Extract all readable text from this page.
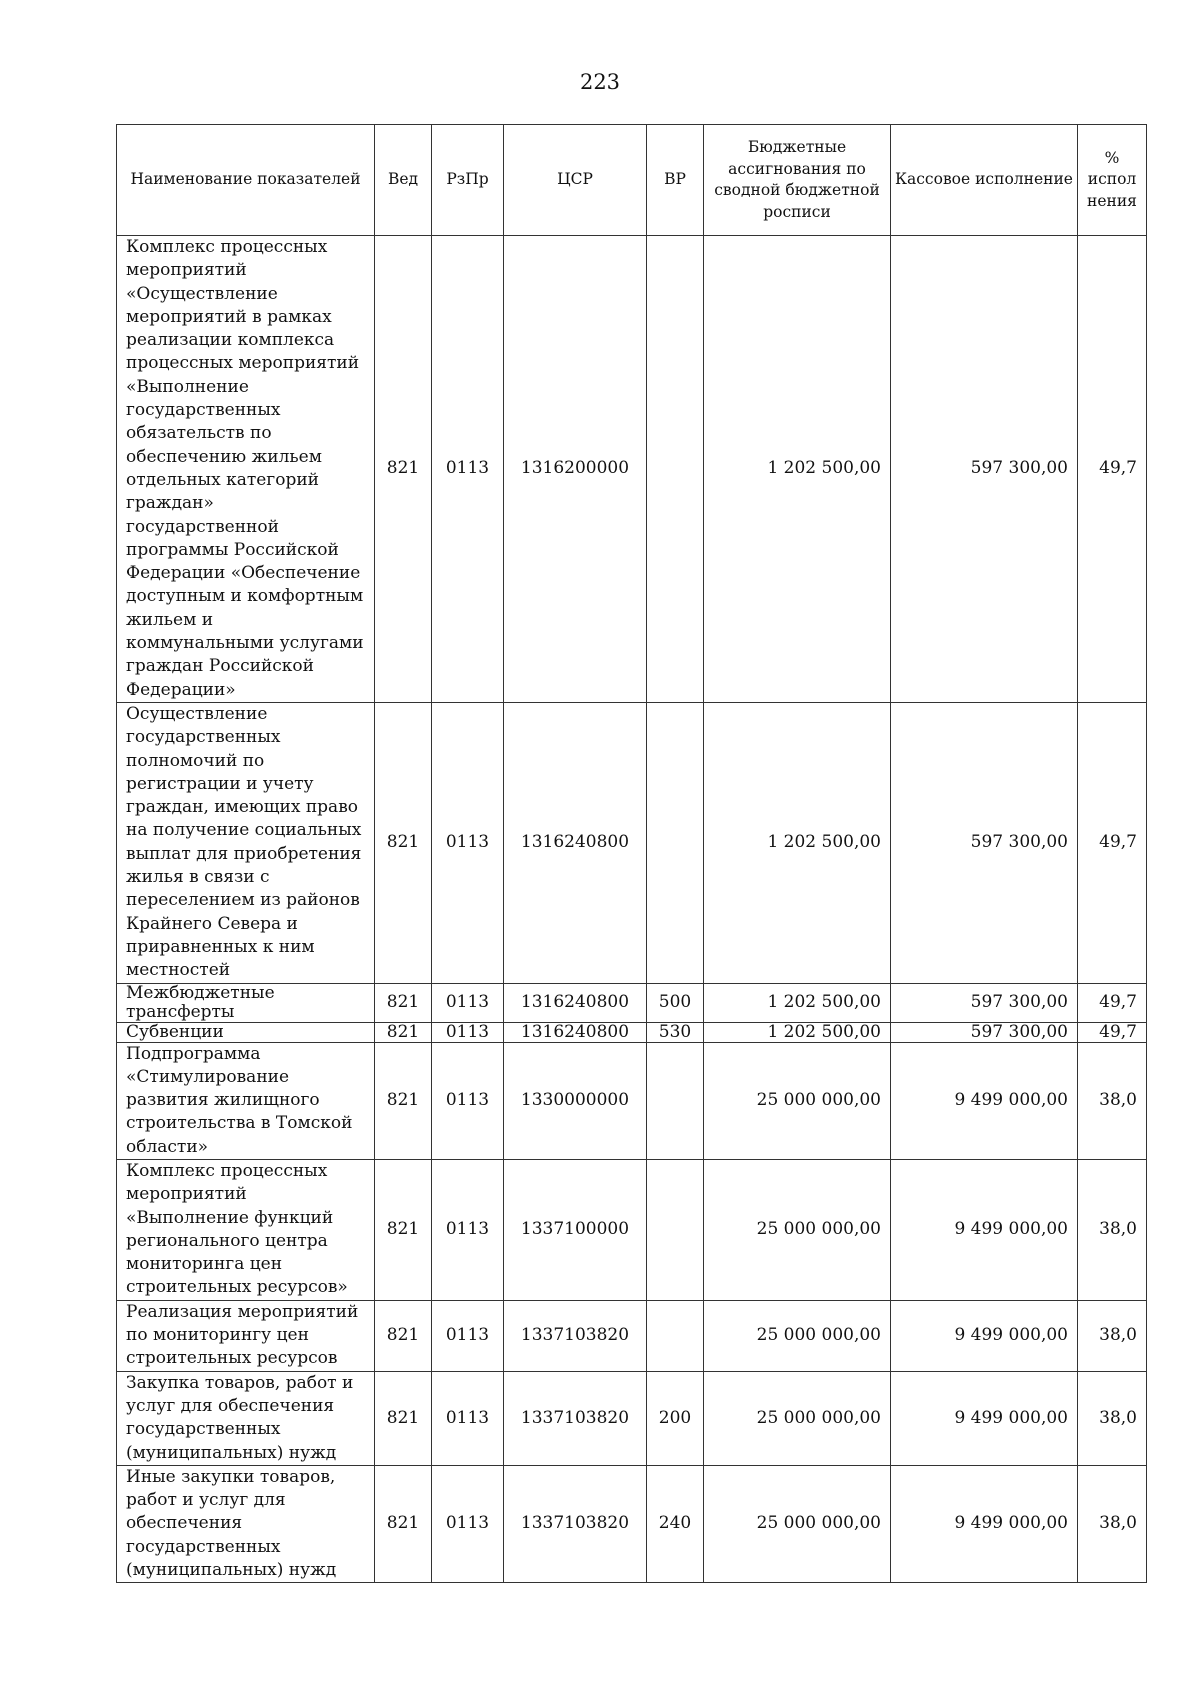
223
Наименование показателей	Вед	РзПр	ЦСР	ВР	Бюджетные ассигнования по сводной бюджетной росписи	Кассовое исполнение	% испол нения
Комплекс процессных мероприятий «Осуществление мероприятий в рамках реализации комплекса процессных мероприятий «Выполнение государственных обязательств по обеспечению жильем отдельных категорий граждан» государственной программы Российской Федерации «Обеспечение доступным и комфортным жильем и коммунальными услугами граждан Российской Федерации»	821	0113	1316200000		1 202 500,00	597 300,00	49,7
Осуществление государственных полномочий по регистрации и учету граждан, имеющих право на получение социальных выплат для приобретения жилья в связи с переселением из районов Крайнего Севера и приравненных к ним местностей	821	0113	1316240800		1 202 500,00	597 300,00	49,7
Межбюджетные трансферты	821	0113	1316240800	500	1 202 500,00	597 300,00	49,7
Субвенции	821	0113	1316240800	530	1 202 500,00	597 300,00	49,7
Подпрограмма «Стимулирование развития жилищного строительства в Томской области»	821	0113	1330000000		25 000 000,00	9 499 000,00	38,0
Комплекс процессных мероприятий «Выполнение функций регионального центра мониторинга цен строительных ресурсов»	821	0113	1337100000		25 000 000,00	9 499 000,00	38,0
Реализация мероприятий по мониторингу цен строительных ресурсов	821	0113	1337103820		25 000 000,00	9 499 000,00	38,0
Закупка товаров, работ и услуг для обеспечения государственных (муниципальных) нужд	821	0113	1337103820	200	25 000 000,00	9 499 000,00	38,0
Иные закупки товаров, работ и услуг для обеспечения государственных (муниципальных) нужд	821	0113	1337103820	240	25 000 000,00	9 499 000,00	38,0
